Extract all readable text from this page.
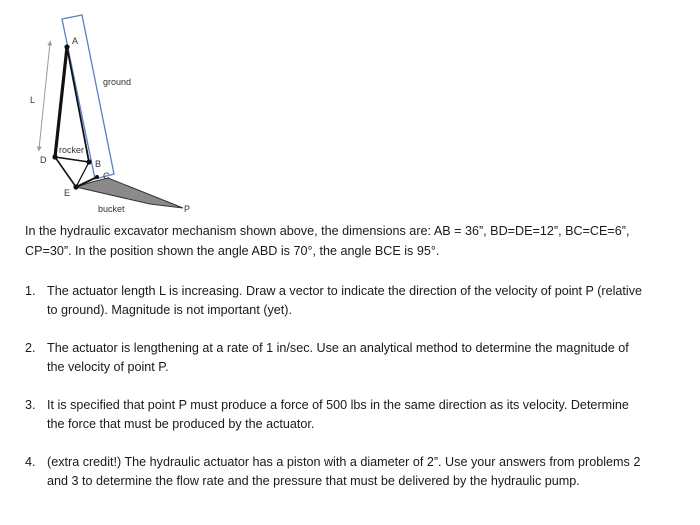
A
ground
L
rocker
D	B
C
E
bucket	P

In the hydraulic excavator mechanism shown above, the dimensions are: AB = 36”, BD=DE=12”, BC=CE=6”,
CP=30”. In the position shown the angle ABD is 70°, the angle BCE is 95°.

1. The actuator length L is increasing. Draw a vector to indicate the direction of the velocity of point P (relative
to ground). Magnitude is not important (yet).
2. The actuator is lengthening at a rate of 1 in/sec. Use an analytical method to determine the magnitude of
the velocity of point P.
3. It is specified that point P must produce a force of 500 lbs in the same direction as its velocity. Determine
the force that must be produced by the actuator.
4. (extra credit!) The hydraulic actuator has a piston with a diameter of 2”. Use your answers from problems 2
and 3 to determine the flow rate and the pressure that must be delivered by the hydraulic pump.
